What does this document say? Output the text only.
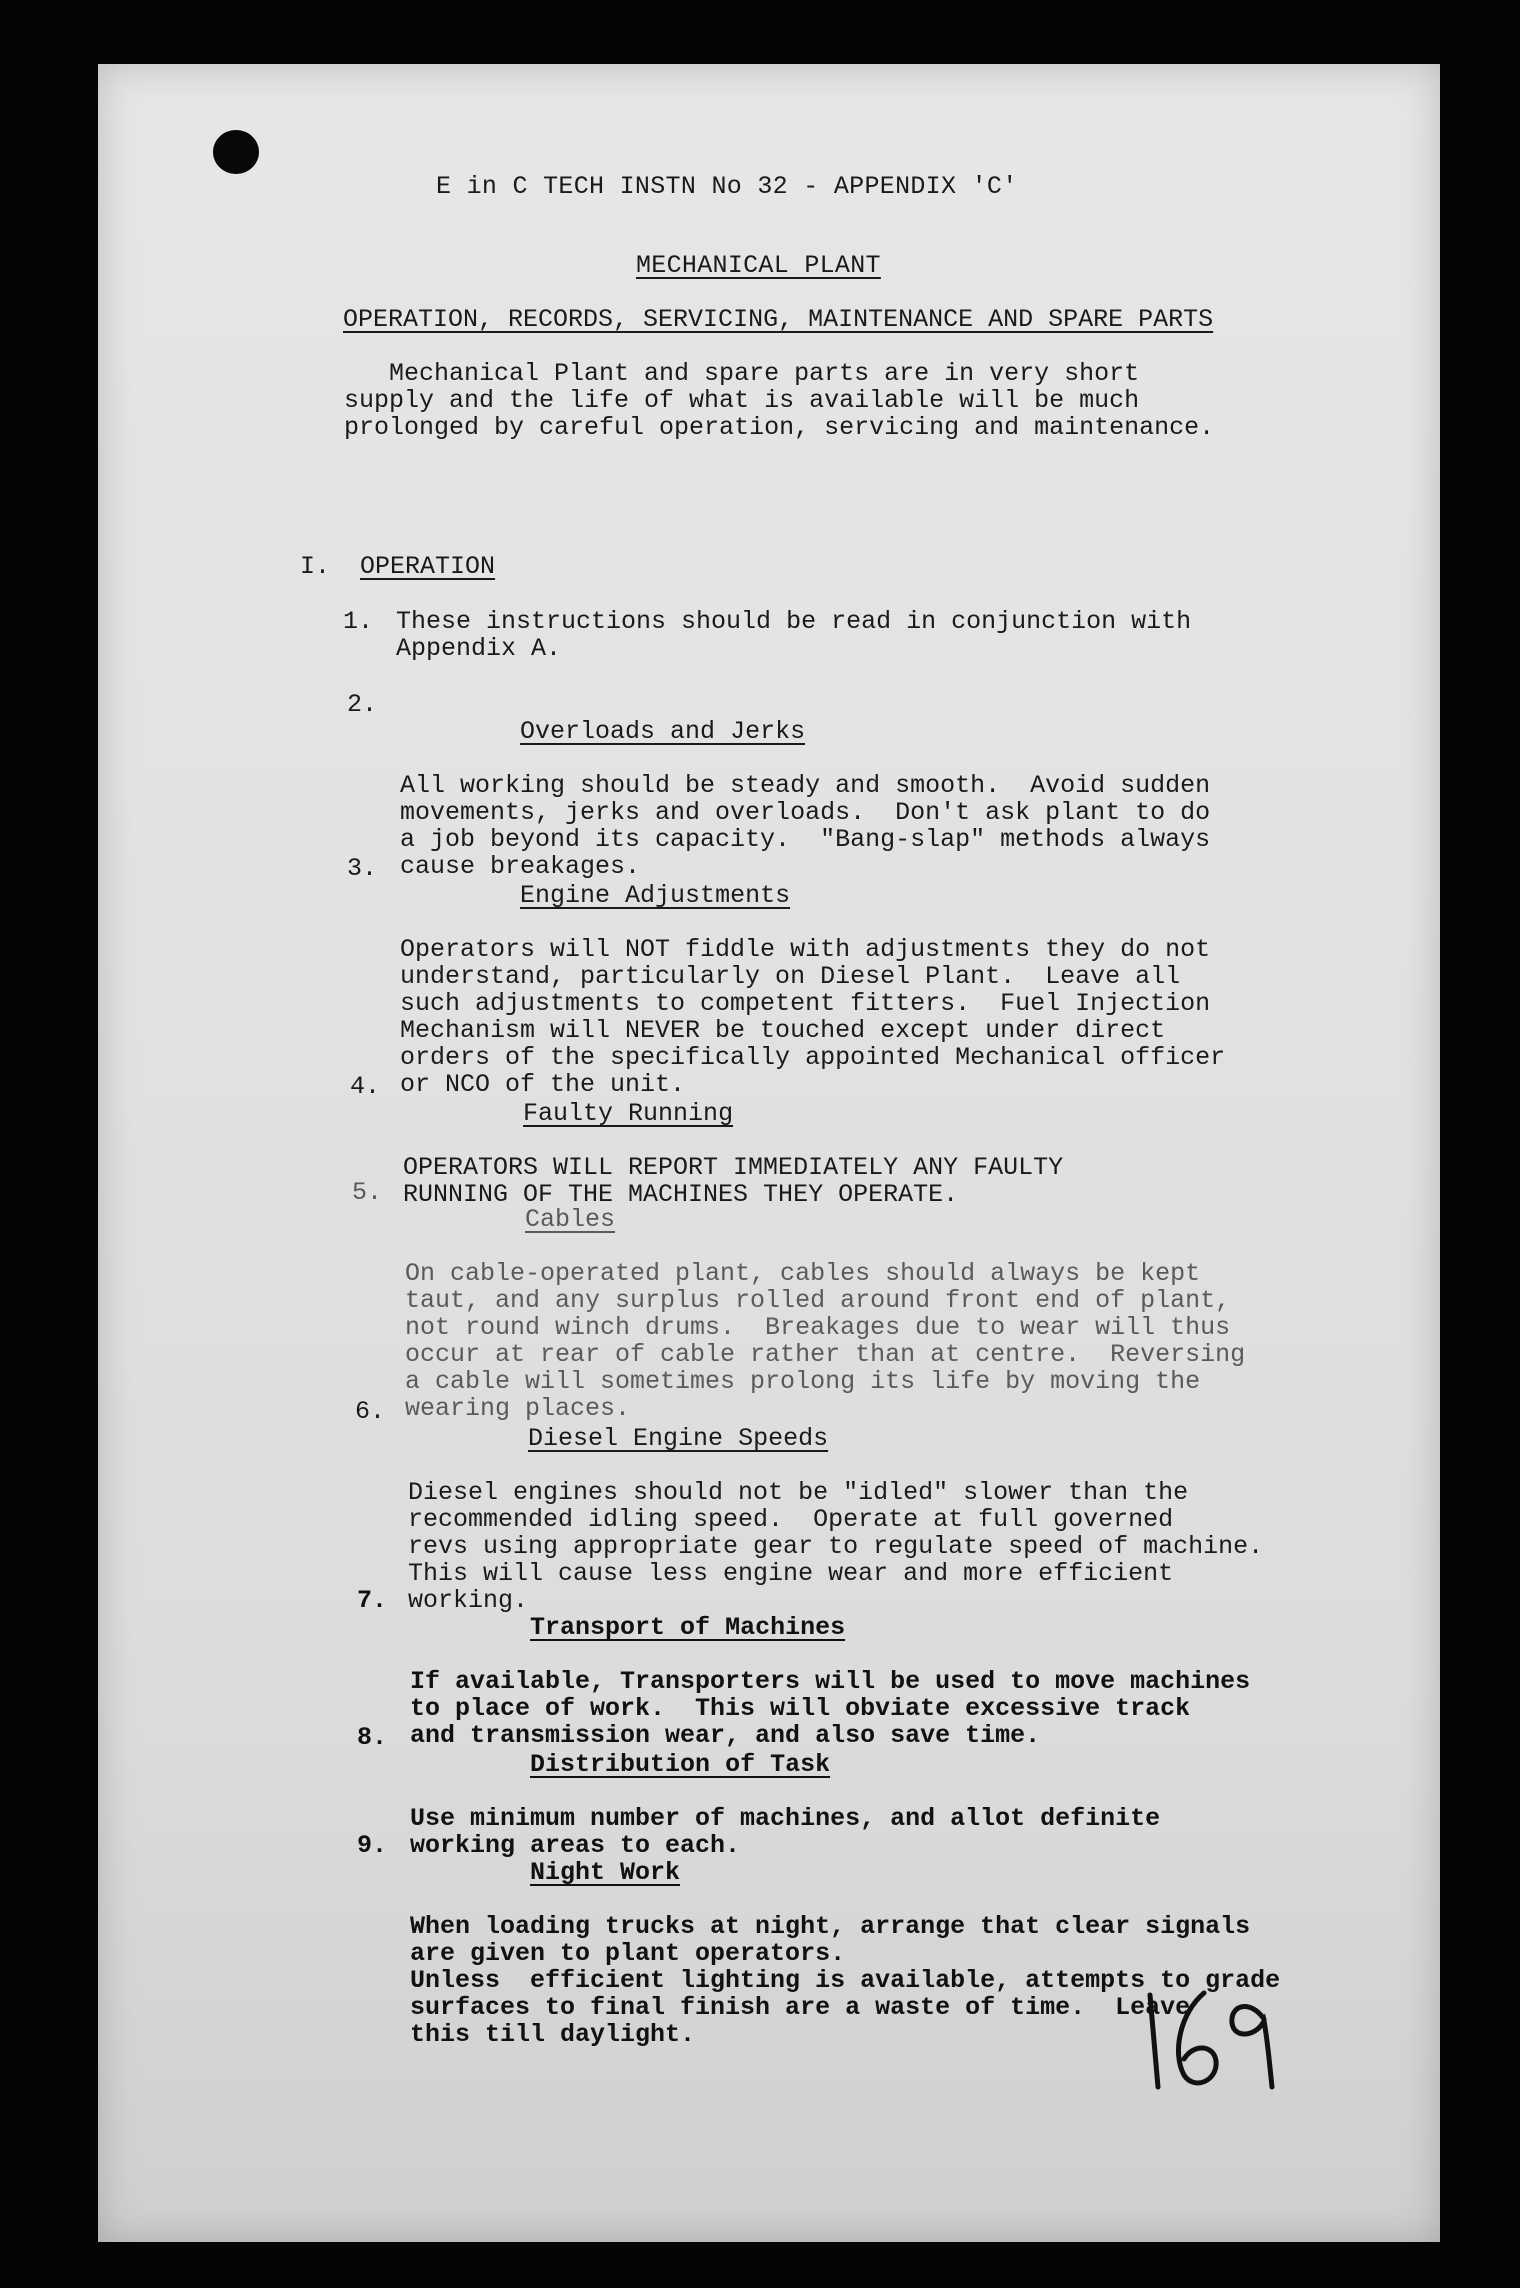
E in C TECH INSTN No 32 - APPENDIX 'C'
MECHANICAL PLANT
OPERATION, RECORDS, SERVICING, MAINTENANCE AND SPARE PARTS
Mechanical Plant and spare parts are in very short
supply and the life of what is available will be much
prolonged by careful operation, servicing and maintenance.
I. OPERATION

1.

These instructions should be read in conjunction with
Appendix A.

2.

Overloads and Jerks

All working should be steady and smooth.  Avoid sudden
movements, jerks and overloads.  Don't ask plant to do
a job beyond its capacity.  "Bang-slap" methods always
cause breakages.

3.

Engine Adjustments

Operators will NOT fiddle with adjustments they do not
understand, particularly on Diesel Plant.  Leave all
such adjustments to competent fitters.  Fuel Injection
Mechanism will NEVER be touched except under direct
orders of the specifically appointed Mechanical officer
or NCO of the unit.

4.

Faulty Running

OPERATORS WILL REPORT IMMEDIATELY ANY FAULTY
RUNNING OF THE MACHINES THEY OPERATE.

5.

Cables

On cable-operated plant, cables should always be kept
taut, and any surplus rolled around front end of plant,
not round winch drums.  Breakages due to wear will thus
occur at rear of cable rather than at centre.  Reversing
a cable will sometimes prolong its life by moving the
wearing places.

6.

Diesel Engine Speeds

Diesel engines should not be "idled" slower than the
recommended idling speed.  Operate at full governed
revs using appropriate gear to regulate speed of machine.
This will cause less engine wear and more efficient
working.

7.

Transport of Machines

If available, Transporters will be used to move machines
to place of work.  This will obviate excessive track
and transmission wear, and also save time.

8.

Distribution of Task

Use minimum number of machines, and allot definite
working areas to each.

9.

Night Work

When loading trucks at night, arrange that clear signals
are given to plant operators.
Unless  efficient lighting is available, attempts to grade
surfaces to final finish are a waste of time.  Leave
this till daylight.
